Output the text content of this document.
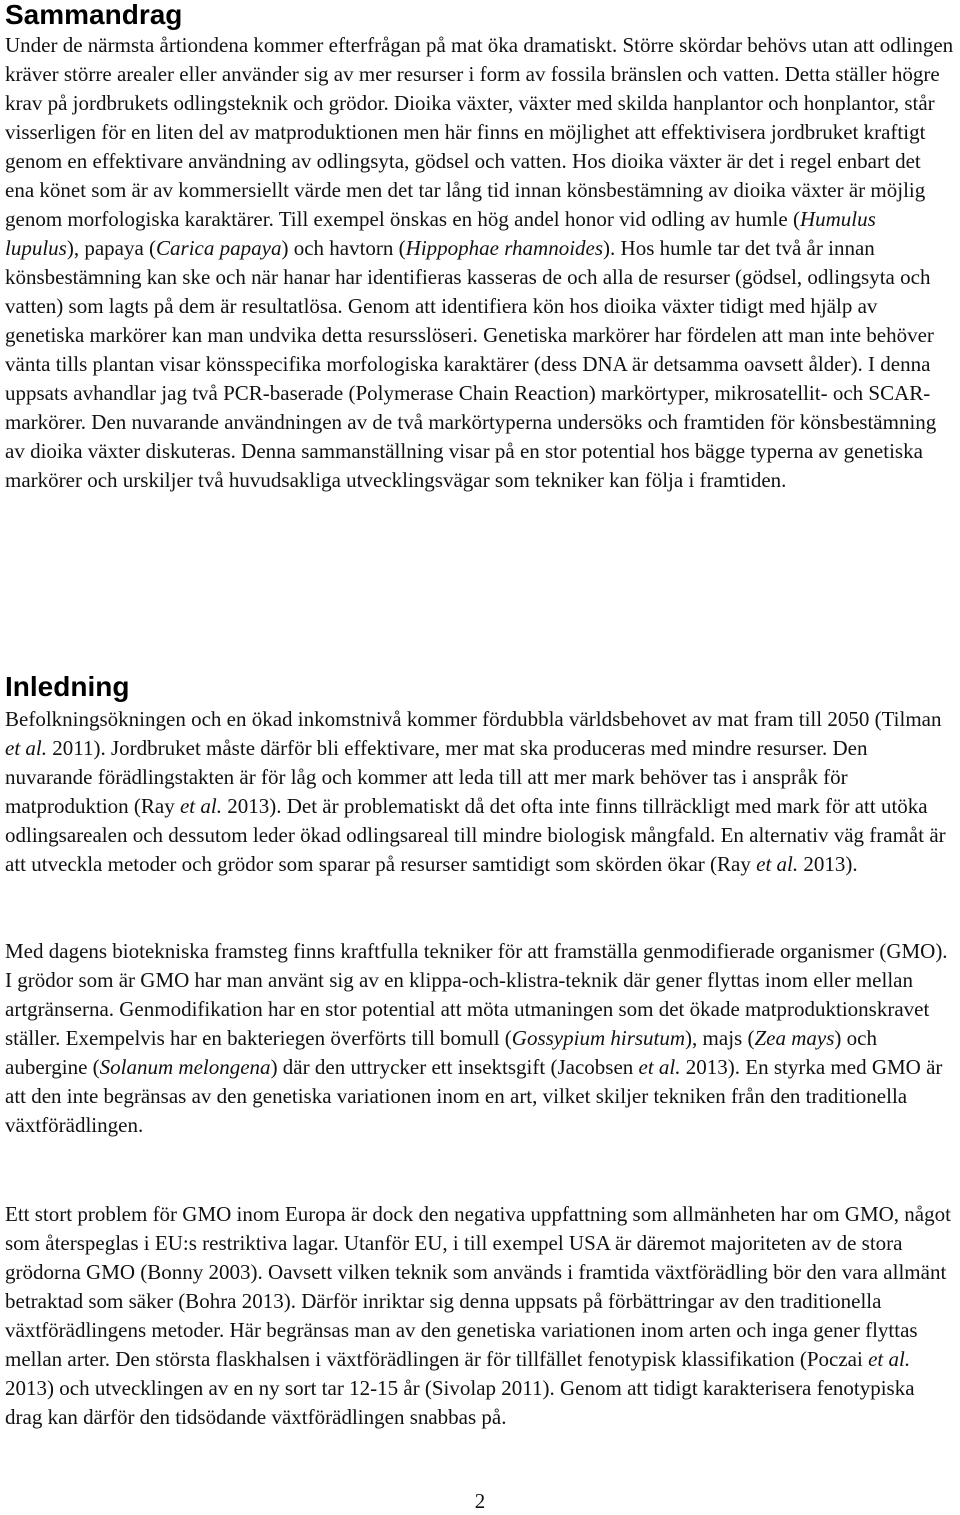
Sammandrag

Under de närmsta årtiondena kommer efterfrågan på mat öka dramatiskt. Större skördar behövs utan att odlingen kräver större arealer eller använder sig av mer resurser i form av fossila bränslen och vatten. Detta ställer högre krav på jordbrukets odlingsteknik och grödor. Dioika växter, växter med skilda hanplantor och honplantor, står visserligen för en liten del av matproduktionen men här finns en möjlighet att effektivisera jordbruket kraftigt genom en effektivare användning av odlingsyta, gödsel och vatten. Hos dioika växter är det i regel enbart det ena könet som är av kommersiellt värde men det tar lång tid innan könsbestämning av dioika växter är möjlig genom morfologiska karaktärer. Till exempel önskas en hög andel honor vid odling av humle (Humulus lupulus), papaya (Carica papaya) och havtorn (Hippophae rhamnoides). Hos humle tar det två år innan könsbestämning kan ske och när hanar har identifieras kasseras de och alla de resurser (gödsel, odlingsyta och vatten) som lagts på dem är resultatlösa. Genom att identifiera kön hos dioika växter tidigt med hjälp av genetiska markörer kan man undvika detta resursslöseri. Genetiska markörer har fördelen att man inte behöver vänta tills plantan visar könsspecifika morfologiska karaktärer (dess DNA är detsamma oavsett ålder). I denna uppsats avhandlar jag två PCR-baserade (Polymerase Chain Reaction) markörtyper, mikrosatellit- och SCAR-markörer. Den nuvarande användningen av de två markörtyperna undersöks och framtiden för könsbestämning av dioika växter diskuteras. Denna sammanställning visar på en stor potential hos bägge typerna av genetiska markörer och urskiljer två huvudsakliga utvecklingsvägar som tekniker kan följa i framtiden.

Inledning

Befolkningsökningen och en ökad inkomstnivå kommer fördubbla världsbehovet av mat fram till 2050 (Tilman et al. 2011). Jordbruket måste därför bli effektivare, mer mat ska produceras med mindre resurser. Den nuvarande förädlingstakten är för låg och kommer att leda till att mer mark behöver tas i anspråk för matproduktion (Ray et al. 2013). Det är problematiskt då det ofta inte finns tillräckligt med mark för att utöka odlingsarealen och dessutom leder ökad odlingsareal till mindre biologisk mångfald. En alternativ väg framåt är att utveckla metoder och grödor som sparar på resurser samtidigt som skörden ökar (Ray et al. 2013).

Med dagens biotekniska framsteg finns kraftfulla tekniker för att framställa genmodifierade organismer (GMO). I grödor som är GMO har man använt sig av en klippa-och-klistra-teknik där gener flyttas inom eller mellan artgränserna. Genmodifikation har en stor potential att möta utmaningen som det ökade matproduktionskravet ställer. Exempelvis har en bakteriegen överförts till bomull (Gossypium hirsutum), majs (Zea mays) och aubergine (Solanum melongena) där den uttrycker ett insektsgift (Jacobsen et al. 2013). En styrka med GMO är att den inte begränsas av den genetiska variationen inom en art, vilket skiljer tekniken från den traditionella växtförädlingen.

Ett stort problem för GMO inom Europa är dock den negativa uppfattning som allmänheten har om GMO, något som återspeglas i EU:s restriktiva lagar. Utanför EU, i till exempel USA är däremot majoriteten av de stora grödorna GMO (Bonny 2003). Oavsett vilken teknik som används i framtida växtförädling bör den vara allmänt betraktad som säker (Bohra 2013). Därför inriktar sig denna uppsats på förbättringar av den traditionella växtförädlingens metoder. Här begränsas man av den genetiska variationen inom arten och inga gener flyttas mellan arter. Den största flaskhalsen i växtförädlingen är för tillfället fenotypisk klassifikation (Poczai et al. 2013) och utvecklingen av en ny sort tar 12-15 år (Sivolap 2011). Genom att tidigt karakterisera fenotypiska drag kan därför den tidsödande växtförädlingen snabbas på.

2
